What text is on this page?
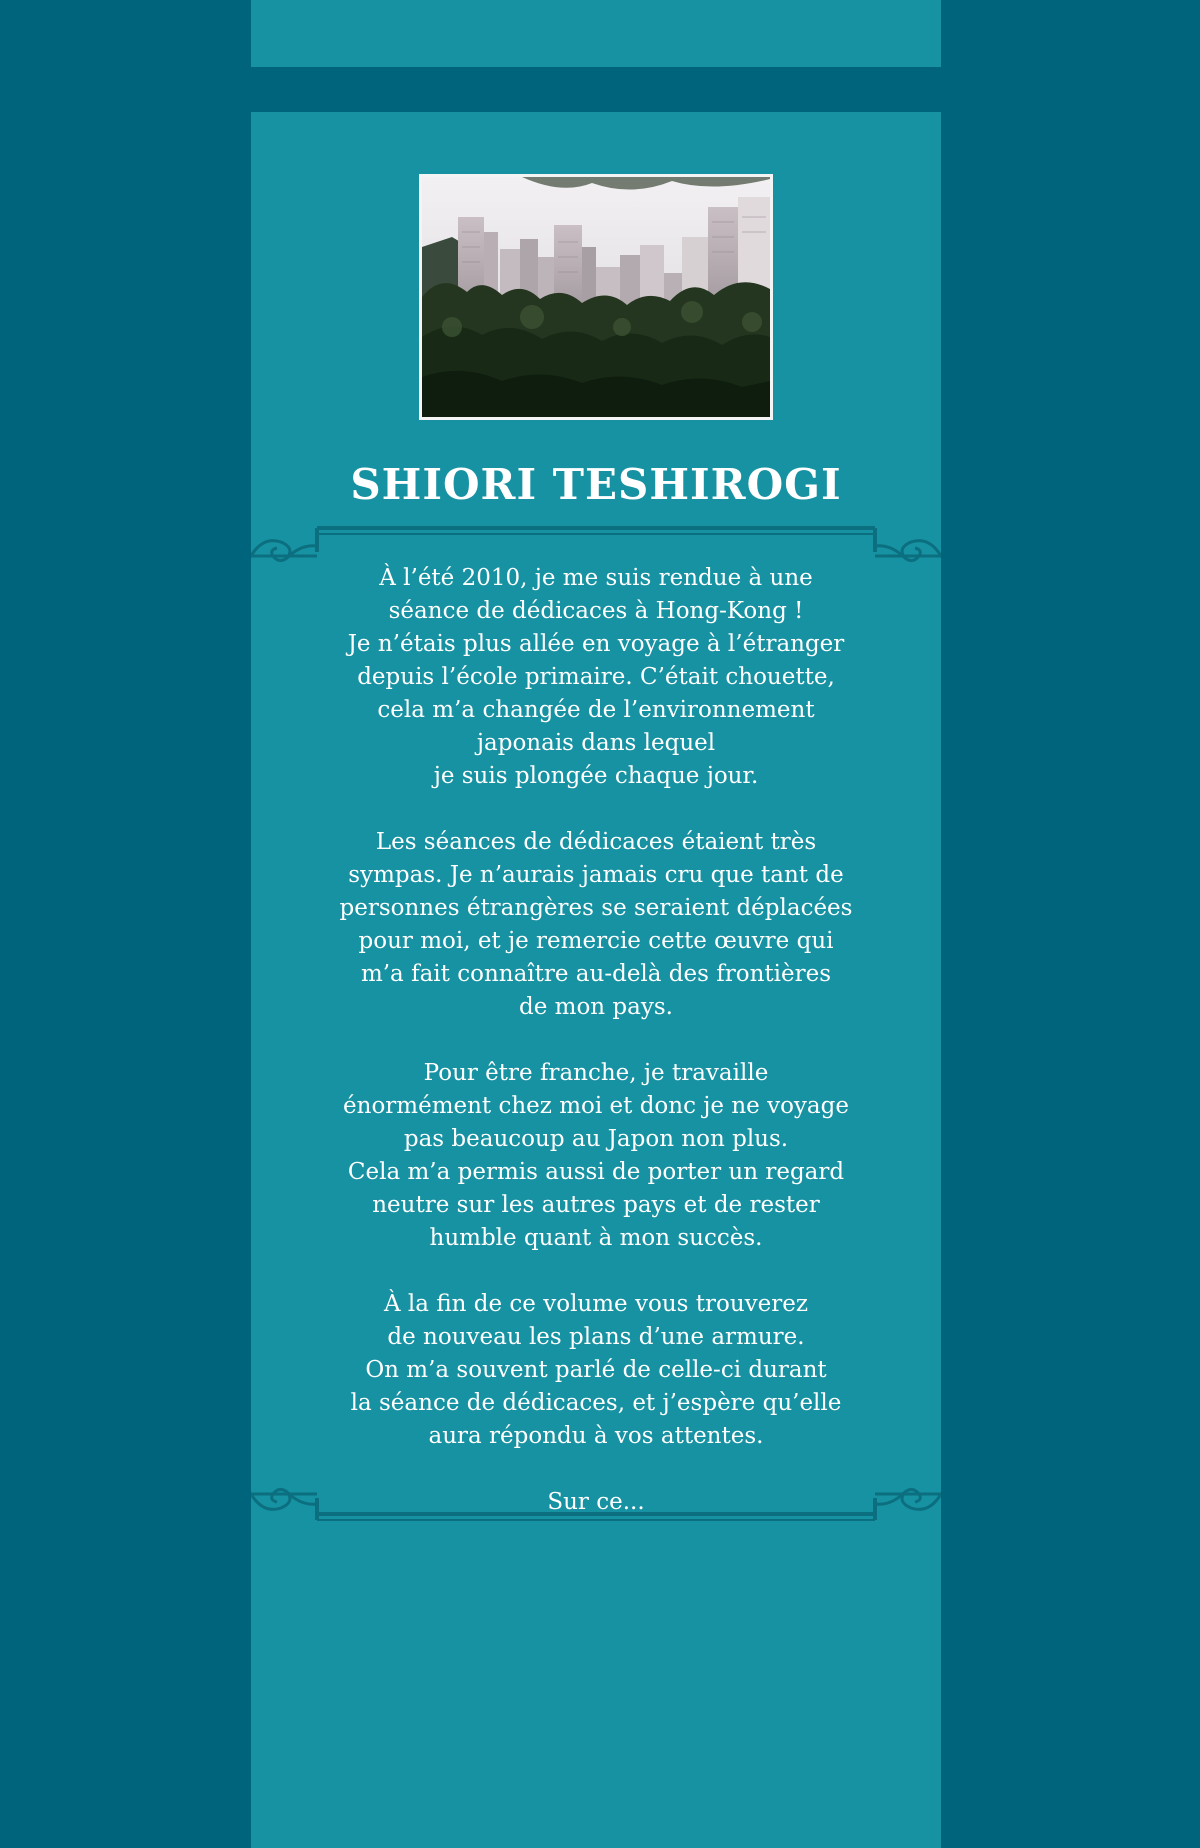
SHIORI TESHIROGI

À l’été 2010, je me suis rendue à une
séance de dédicaces à Hong-Kong !
Je n’étais plus allée en voyage à l’étranger
depuis l’école primaire. C’était chouette,
cela m’a changée de l’environnement
japonais dans lequel
je suis plongée chaque jour.

Les séances de dédicaces étaient très
sympas. Je n’aurais jamais cru que tant de
personnes étrangères se seraient déplacées
pour moi, et je remercie cette œuvre qui
m’a fait connaître au-delà des frontières
de mon pays.

Pour être franche, je travaille
énormément chez moi et donc je ne voyage
pas beaucoup au Japon non plus.
Cela m’a permis aussi de porter un regard
neutre sur les autres pays et de rester
humble quant à mon succès.

À la fin de ce volume vous trouverez
de nouveau les plans d’une armure.
On m’a souvent parlé de celle-ci durant
la séance de dédicaces, et j’espère qu’elle
aura répondu à vos attentes.

Sur ce...
